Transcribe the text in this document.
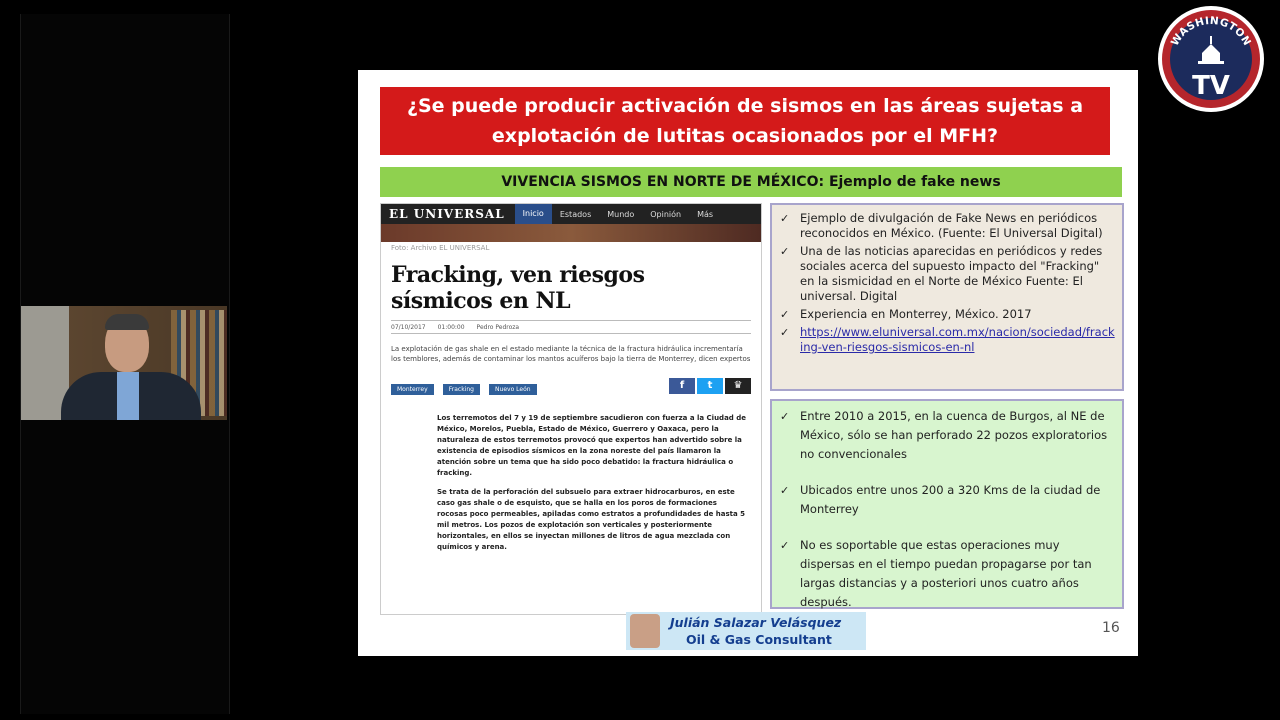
WASHINGTON
TV
¿Se puede producir activación de sismos en las áreas sujetas a explotación de lutitas ocasionados por el MFH?
VIVENCIA SISMOS EN NORTE DE MÉXICO: Ejemplo de fake news
EL UNIVERSAL	Inicio	Estados	Mundo	Opinión	Más
Foto: Archivo EL UNIVERSAL
Fracking, ven riesgos sísmicos en NL
07/10/2017 01:00:00 Pedro Pedroza
La explotación de gas shale en el estado mediante la técnica de la fractura hidráulica incrementaría los temblores, además de contaminar los mantos acuíferos bajo la tierra de Monterrey, dicen expertos
Monterrey	Fracking	Nuevo León	f	t	♛

Los terremotos del 7 y 19 de septiembre sacudieron con fuerza a la Ciudad de México, Morelos, Puebla, Estado de México, Guerrero y Oaxaca, pero la naturaleza de estos terremotos provocó que expertos han advertido sobre la existencia de episodios sísmicos en la zona noreste del país llamaron la atención sobre un tema que ha sido poco debatido: la fractura hidráulica o fracking.

Se trata de la perforación del subsuelo para extraer hidrocarburos, en este caso gas shale o de esquisto, que se halla en los poros de formaciones rocosas poco permeables, apiladas como estratos a profundidades de hasta 5 mil metros. Los pozos de explotación son verticales y posteriormente horizontales, en ellos se inyectan millones de litros de agua mezclada con químicos y arena.

✓ Ejemplo de divulgación de Fake News en periódicos reconocidos en México. (Fuente: El Universal Digital)
✓ Una de las noticias aparecidas en periódicos y redes sociales acerca del supuesto impacto del "Fracking" en la sismicidad en el Norte de México Fuente: El universal. Digital
✓ Experiencia en Monterrey, México. 2017
✓ https://www.eluniversal.com.mx/nacion/sociedad/fracking-ven-riesgos-sismicos-en-nl
✓ Entre 2010 a 2015, en la cuenca de Burgos, al NE de México, sólo se han perforado 22 pozos exploratorios no convencionales
✓ Ubicados entre unos 200 a 320 Kms de la ciudad de Monterrey
✓ No es soportable que estas operaciones muy dispersas en el tiempo puedan propagarse por tan largas distancias y a posteriori unos cuatro años después.
Julián Salazar Velásquez
Oil & Gas Consultant
16
